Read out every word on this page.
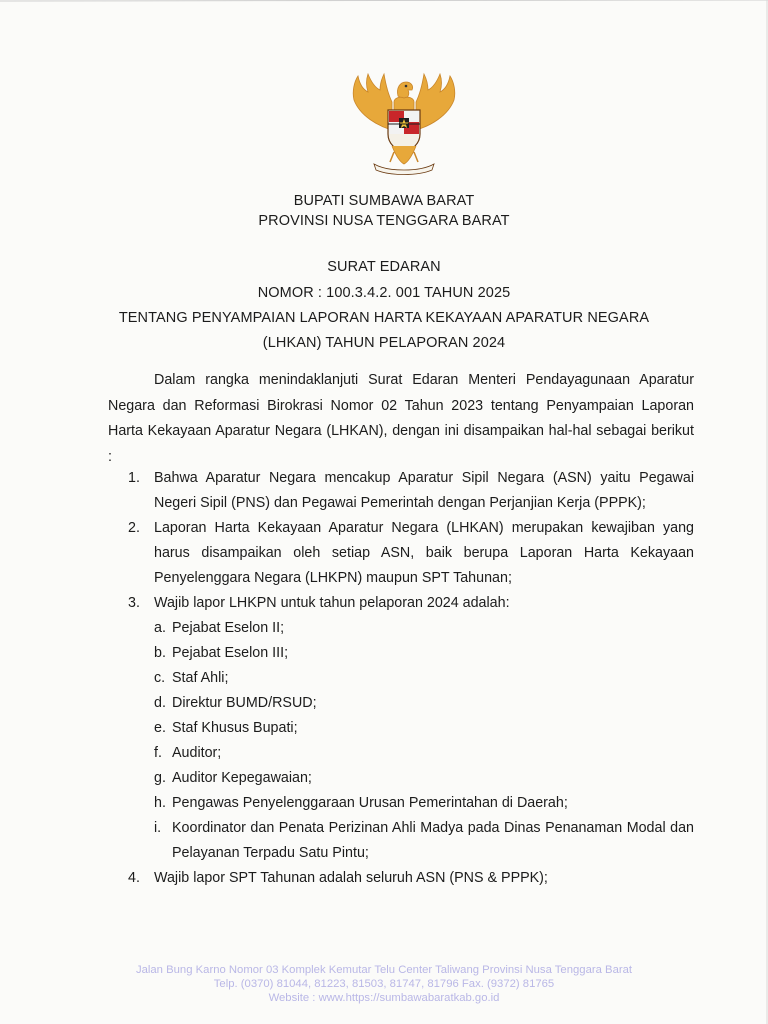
BUPATI SUMBAWA BARAT
PROVINSI NUSA TENGGARA BARAT
SURAT EDARAN
NOMOR : 100.3.4.2. 001 TAHUN 2025
TENTANG PENYAMPAIAN LAPORAN HARTA KEKAYAAN APARATUR NEGARA
(LHKAN) TAHUN PELAPORAN 2024
Dalam rangka menindaklanjuti Surat Edaran Menteri Pendayagunaan Aparatur Negara dan Reformasi Birokrasi Nomor 02 Tahun 2023 tentang Penyampaian Laporan Harta Kekayaan Aparatur Negara (LHKAN), dengan ini disampaikan hal-hal sebagai berikut :
1. Bahwa Aparatur Negara mencakup Aparatur Sipil Negara (ASN) yaitu Pegawai Negeri Sipil (PNS) dan Pegawai Pemerintah dengan Perjanjian Kerja (PPPK);
2. Laporan Harta Kekayaan Aparatur Negara (LHKAN) merupakan kewajiban yang harus disampaikan oleh setiap ASN, baik berupa Laporan Harta Kekayaan Penyelenggara Negara (LHKPN) maupun SPT Tahunan;
3. Wajib lapor LHKPN untuk tahun pelaporan 2024 adalah:
a. Pejabat Eselon II;
b. Pejabat Eselon III;
c. Staf Ahli;
d. Direktur BUMD/RSUD;
e. Staf Khusus Bupati;
f. Auditor;
g. Auditor Kepegawaian;
h. Pengawas Penyelenggaraan Urusan Pemerintahan di Daerah;
i. Koordinator dan Penata Perizinan Ahli Madya pada Dinas Penanaman Modal dan Pelayanan Terpadu Satu Pintu;
4. Wajib lapor SPT Tahunan adalah seluruh ASN (PNS & PPPK);
Jalan Bung Karno Nomor 03 Komplek Kemutar Telu Center Taliwang Provinsi Nusa Tenggara Barat
Telp. (0370) 81044, 81223, 81503, 81747, 81796 Fax. (9372) 81765
Website : www.https://sumbawabaratkab.go.id
